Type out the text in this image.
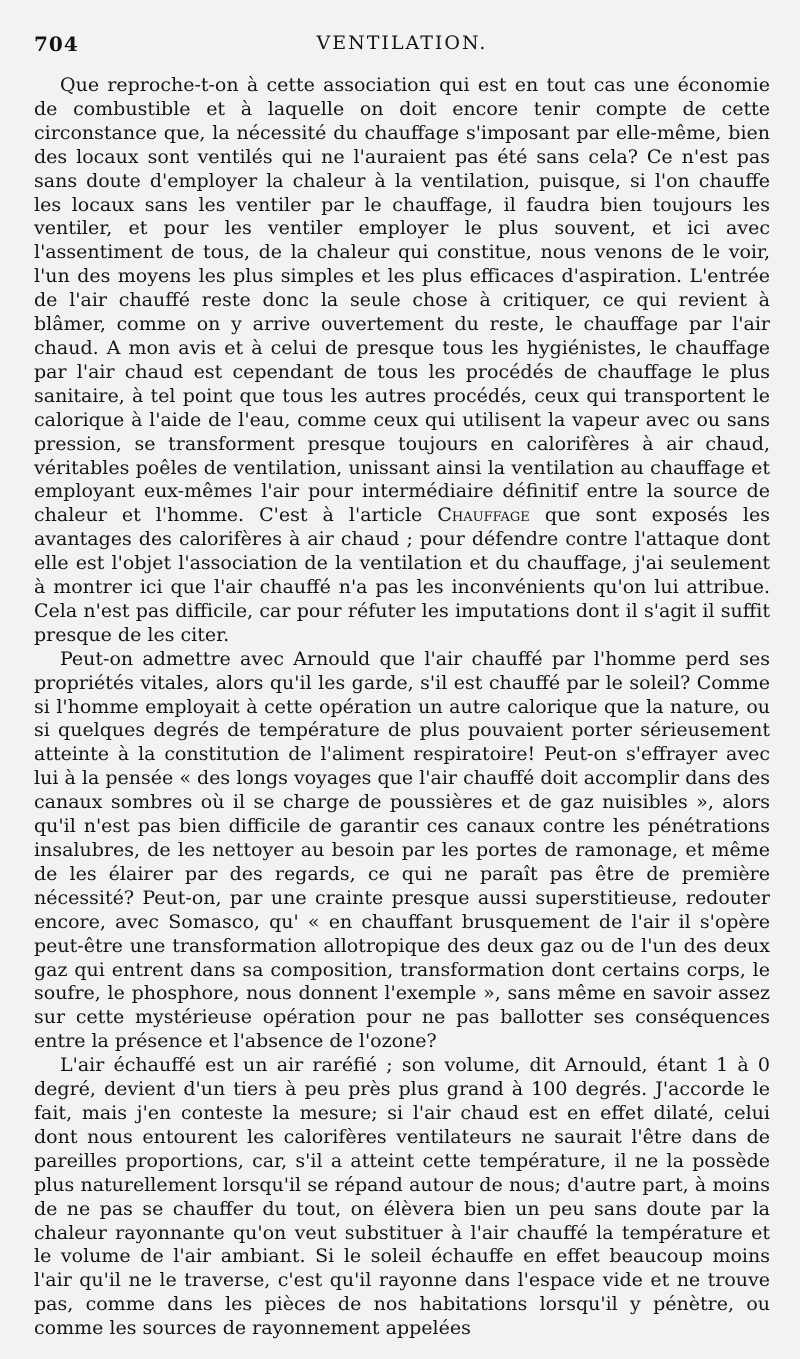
704	VENTILATION.

Que reproche-t-on à cette association qui est en tout cas une économie de combustible et à laquelle on doit encore tenir compte de cette circonstance que, la nécessité du chauffage s'imposant par elle-même, bien des locaux sont ventilés qui ne l'auraient pas été sans cela? Ce n'est pas sans doute d'employer la chaleur à la ventilation, puisque, si l'on chauffe les locaux sans les ventiler par le chauffage, il faudra bien toujours les ventiler, et pour les ventiler employer le plus souvent, et ici avec l'assentiment de tous, de la chaleur qui constitue, nous venons de le voir, l'un des moyens les plus simples et les plus efficaces d'aspiration. L'entrée de l'air chauffé reste donc la seule chose à critiquer, ce qui revient à blâmer, comme on y arrive ouvertement du reste, le chauffage par l'air chaud. A mon avis et à celui de presque tous les hygiénistes, le chauffage par l'air chaud est cependant de tous les procédés de chauffage le plus sanitaire, à tel point que tous les autres procédés, ceux qui transportent le calorique à l'aide de l'eau, comme ceux qui utilisent la vapeur avec ou sans pression, se transforment presque toujours en calorifères à air chaud, véritables poêles de ventilation, unissant ainsi la ventilation au chauffage et employant eux-mêmes l'air pour intermédiaire définitif entre la source de chaleur et l'homme. C'est à l'article Chauffage que sont exposés les avantages des calorifères à air chaud ; pour défendre contre l'attaque dont elle est l'objet l'association de la ventilation et du chauffage, j'ai seulement à montrer ici que l'air chauffé n'a pas les inconvénients qu'on lui attribue. Cela n'est pas difficile, car pour réfuter les imputations dont il s'agit il suffit presque de les citer.

Peut-on admettre avec Arnould que l'air chauffé par l'homme perd ses propriétés vitales, alors qu'il les garde, s'il est chauffé par le soleil? Comme si l'homme employait à cette opération un autre calorique que la nature, ou si quelques degrés de température de plus pouvaient porter sérieusement atteinte à la constitution de l'aliment respiratoire! Peut-on s'effrayer avec lui à la pensée « des longs voyages que l'air chauffé doit accomplir dans des canaux sombres où il se charge de poussières et de gaz nuisibles », alors qu'il n'est pas bien difficile de garantir ces canaux contre les pénétrations insalubres, de les nettoyer au besoin par les portes de ramonage, et même de les élairer par des regards, ce qui ne paraît pas être de première nécessité? Peut-on, par une crainte presque aussi superstitieuse, redouter encore, avec Somasco, qu' « en chauffant brusquement de l'air il s'opère peut-être une transformation allotropique des deux gaz ou de l'un des deux gaz qui entrent dans sa composition, transformation dont certains corps, le soufre, le phosphore, nous donnent l'exemple », sans même en savoir assez sur cette mystérieuse opération pour ne pas ballotter ses conséquences entre la présence et l'absence de l'ozone?

L'air échauffé est un air raréfié ; son volume, dit Arnould, étant 1 à 0 degré, devient d'un tiers à peu près plus grand à 100 degrés. J'accorde le fait, mais j'en conteste la mesure; si l'air chaud est en effet dilaté, celui dont nous entourent les calorifères ventilateurs ne saurait l'être dans de pareilles proportions, car, s'il a atteint cette température, il ne la possède plus naturellement lorsqu'il se répand autour de nous; d'autre part, à moins de ne pas se chauffer du tout, on élèvera bien un peu sans doute par la chaleur rayonnante qu'on veut substituer à l'air chauffé la température et le volume de l'air ambiant. Si le soleil échauffe en effet beaucoup moins l'air qu'il ne le traverse, c'est qu'il rayonne dans l'espace vide et ne trouve pas, comme dans les pièces de nos habitations lorsqu'il y pénètre, ou comme les sources de rayonnement appelées
